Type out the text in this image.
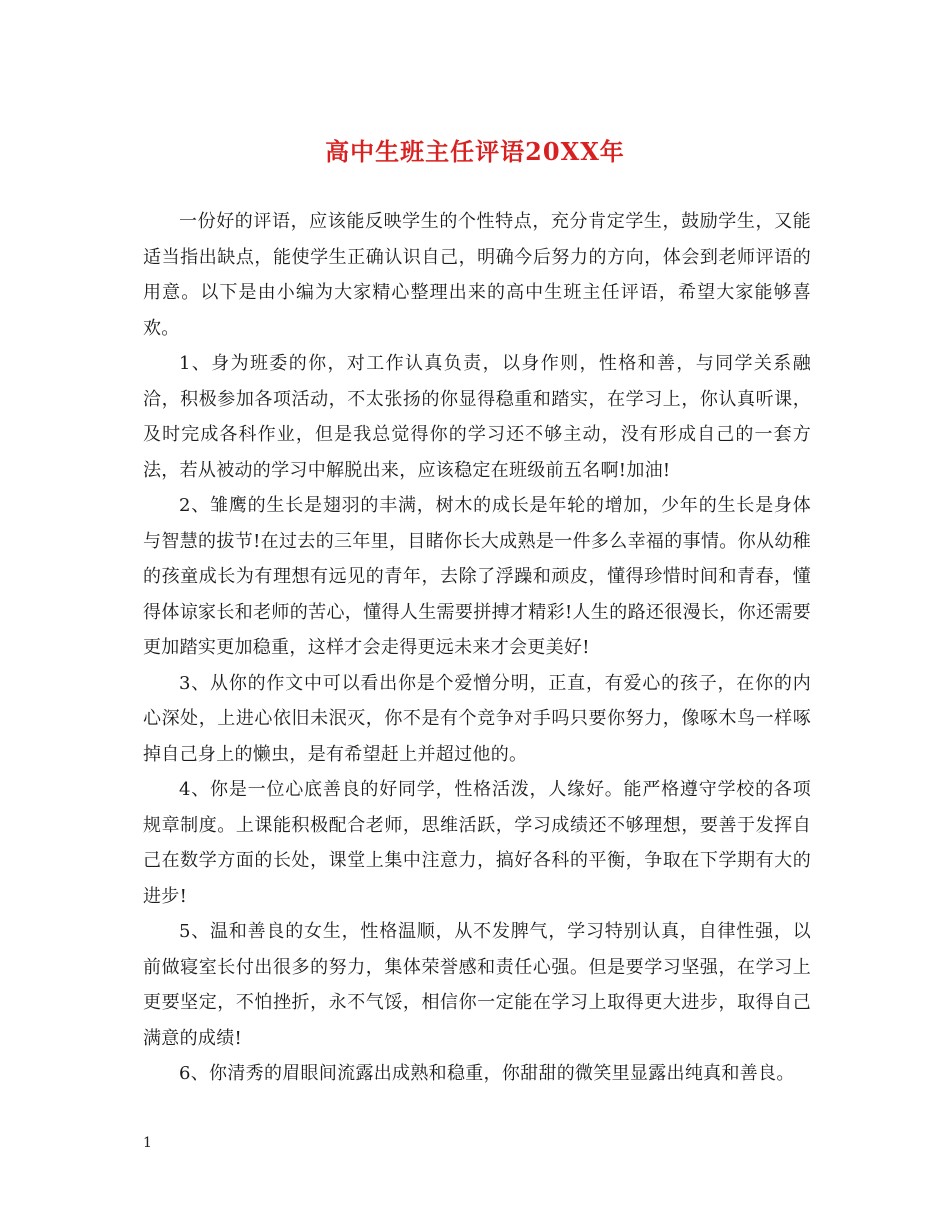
高中生班主任评语20XX年

一份好的评语，应该能反映学生的个性特点，充分肯定学生，鼓励学生，又能适当指出缺点，能使学生正确认识自己，明确今后努力的方向，体会到老师评语的用意。以下是由小编为大家精心整理出来的高中生班主任评语，希望大家能够喜欢。

1、身为班委的你，对工作认真负责，以身作则，性格和善，与同学关系融洽，积极参加各项活动，不太张扬的你显得稳重和踏实，在学习上，你认真听课，及时完成各科作业，但是我总觉得你的学习还不够主动，没有形成自己的一套方法，若从被动的学习中解脱出来，应该稳定在班级前五名啊!加油!

2、雏鹰的生长是翅羽的丰满，树木的成长是年轮的增加，少年的生长是身体与智慧的拔节!在过去的三年里，目睹你长大成熟是一件多么幸福的事情。你从幼稚的孩童成长为有理想有远见的青年，去除了浮躁和顽皮，懂得珍惜时间和青春，懂得体谅家长和老师的苦心，懂得人生需要拼搏才精彩!人生的路还很漫长，你还需要更加踏实更加稳重，这样才会走得更远未来才会更美好!

3、从你的作文中可以看出你是个爱憎分明，正直，有爱心的孩子，在你的内心深处，上进心依旧未泯灭，你不是有个竞争对手吗只要你努力，像啄木鸟一样啄掉自己身上的懒虫，是有希望赶上并超过他的。

4、你是一位心底善良的好同学，性格活泼，人缘好。能严格遵守学校的各项规章制度。上课能积极配合老师，思维活跃，学习成绩还不够理想，要善于发挥自己在数学方面的长处，课堂上集中注意力，搞好各科的平衡，争取在下学期有大的进步!

5、温和善良的女生，性格温顺，从不发脾气，学习特别认真，自律性强，以前做寝室长付出很多的努力，集体荣誉感和责任心强。但是要学习坚强，在学习上更要坚定，不怕挫折，永不气馁，相信你一定能在学习上取得更大进步，取得自己满意的成绩!

6、你清秀的眉眼间流露出成熟和稳重，你甜甜的微笑里显露出纯真和善良。

1
